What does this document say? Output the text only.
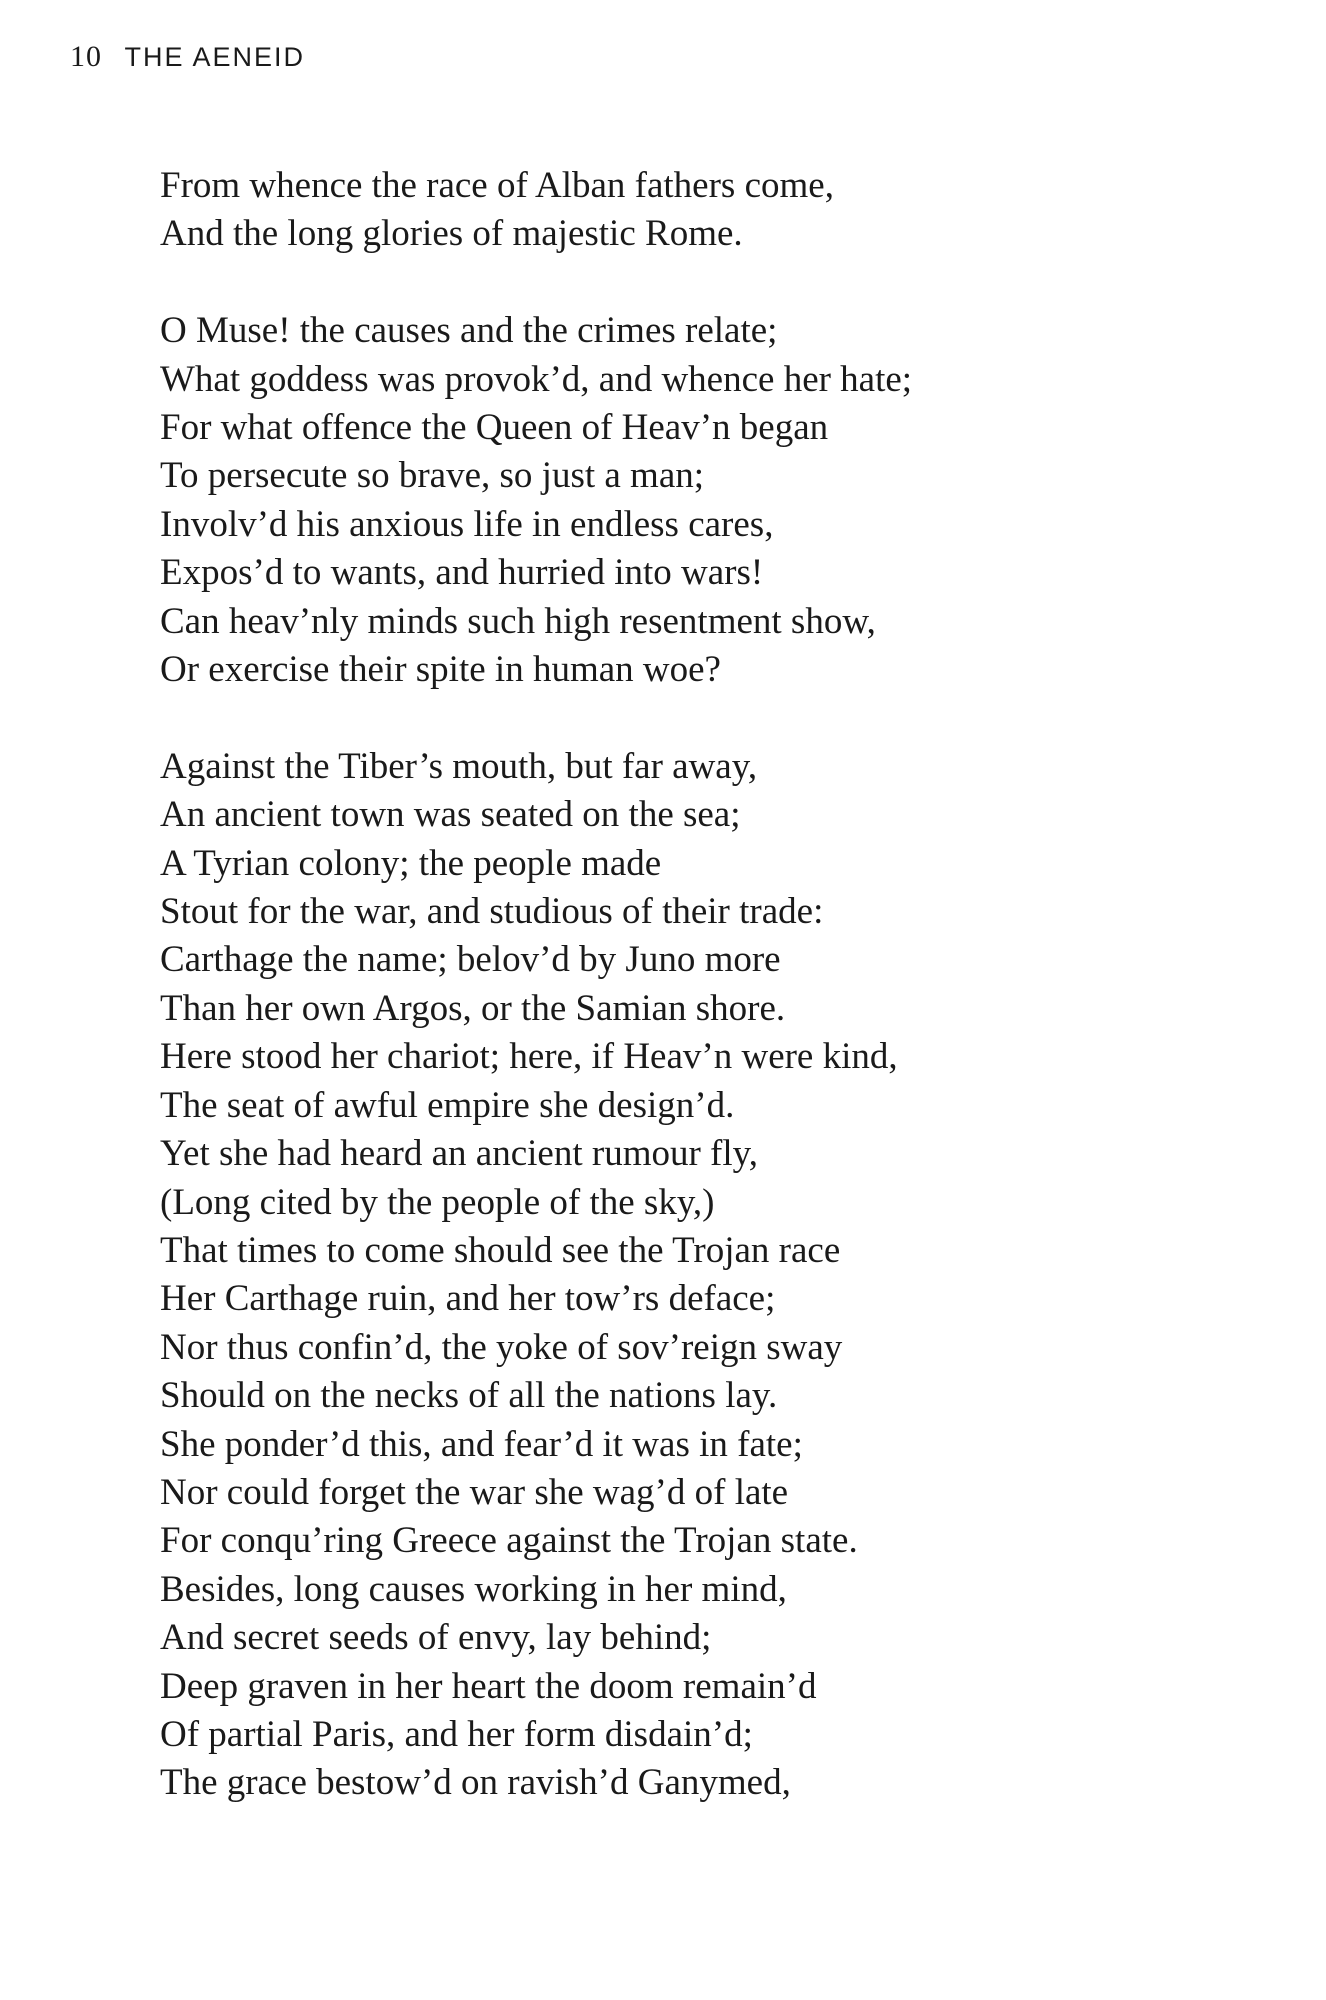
10 THE AENEID

From whence the race of Alban fathers come,
And the long glories of majestic Rome.

O Muse! the causes and the crimes relate;
What goddess was provok’d, and whence her hate;
For what offence the Queen of Heav’n began
To persecute so brave, so just a man;
Involv’d his anxious life in endless cares,
Expos’d to wants, and hurried into wars!
Can heav’nly minds such high resentment show,
Or exercise their spite in human woe?

Against the Tiber’s mouth, but far away,
An ancient town was seated on the sea;
A Tyrian colony; the people made
Stout for the war, and studious of their trade:
Carthage the name; belov’d by Juno more
Than her own Argos, or the Samian shore.
Here stood her chariot; here, if Heav’n were kind,
The seat of awful empire she design’d.
Yet she had heard an ancient rumour fly,
(Long cited by the people of the sky,)
That times to come should see the Trojan race
Her Carthage ruin, and her tow’rs deface;
Nor thus confin’d, the yoke of sov’reign sway
Should on the necks of all the nations lay.
She ponder’d this, and fear’d it was in fate;
Nor could forget the war she wag’d of late
For conqu’ring Greece against the Trojan state.
Besides, long causes working in her mind,
And secret seeds of envy, lay behind;
Deep graven in her heart the doom remain’d
Of partial Paris, and her form disdain’d;
The grace bestow’d on ravish’d Ganymed,
